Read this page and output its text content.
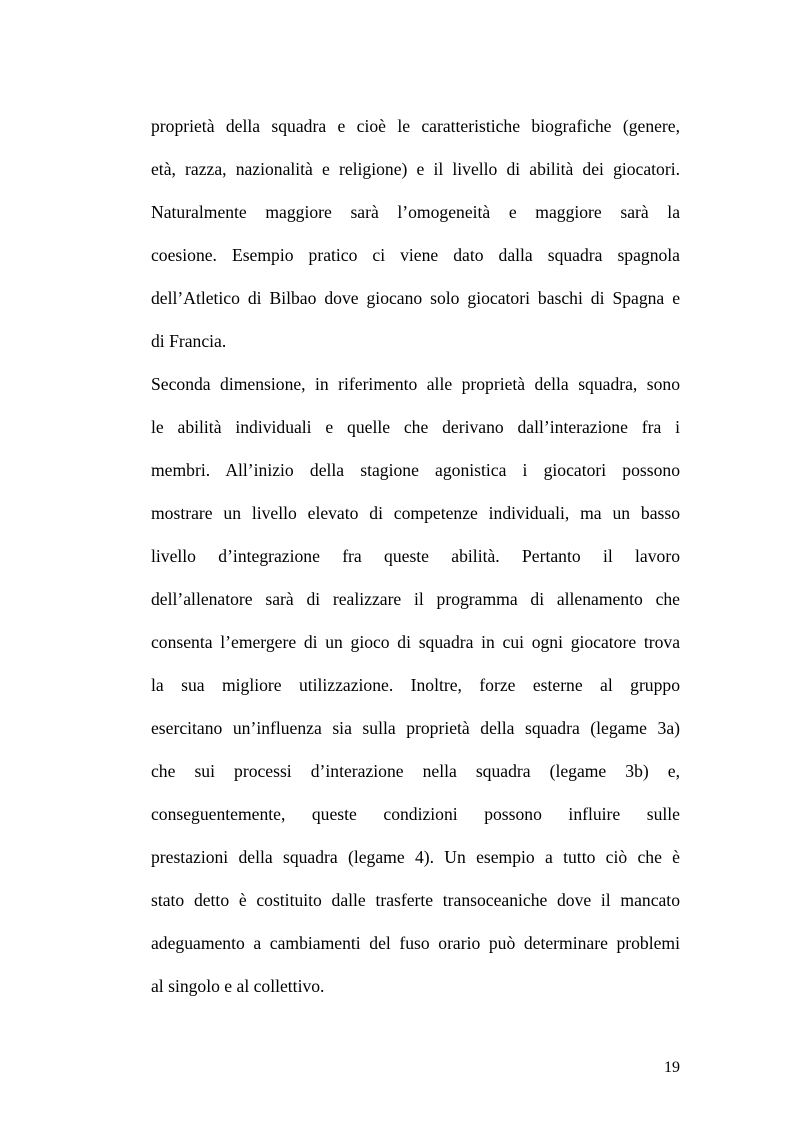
proprietà della squadra e cioè le caratteristiche biografiche (genere,
età, razza, nazionalità e religione) e il livello di abilità dei giocatori.
Naturalmente maggiore sarà l’omogeneità e maggiore sarà la
coesione. Esempio pratico ci viene dato dalla squadra spagnola
dell’Atletico di Bilbao dove giocano solo giocatori baschi di Spagna e
di Francia.
Seconda dimensione, in riferimento alle proprietà della squadra, sono
le abilità individuali e quelle che derivano dall’interazione fra i
membri. All’inizio della stagione agonistica i giocatori possono
mostrare un livello elevato di competenze individuali, ma un basso
livello d’integrazione fra queste abilità. Pertanto il lavoro
dell’allenatore sarà di realizzare il programma di allenamento che
consenta l’emergere di un gioco di squadra in cui ogni giocatore trova
la sua migliore utilizzazione. Inoltre, forze esterne al gruppo
esercitano un’influenza sia sulla proprietà della squadra (legame 3a)
che sui processi d’interazione nella squadra (legame 3b) e,
conseguentemente, queste condizioni possono influire sulle
prestazioni della squadra (legame 4). Un esempio a tutto ciò che è
stato detto è costituito dalle trasferte transoceaniche dove il mancato
adeguamento a cambiamenti del fuso orario può determinare problemi
al singolo e al collettivo.
19
